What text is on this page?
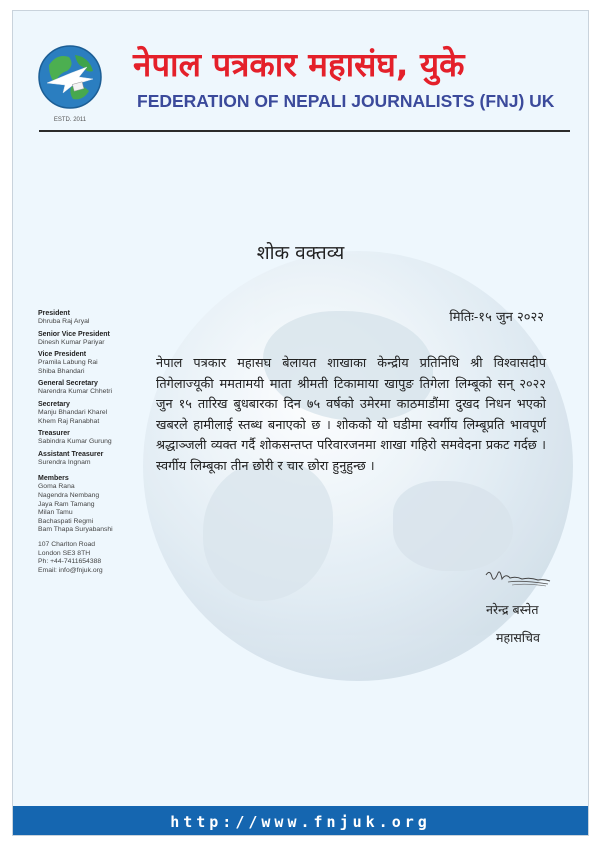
ESTD. 2011
नेपाल पत्रकार महासंघ, युके
FEDERATION OF NEPALI JOURNALISTS (FNJ) UK
शोक वक्तव्य
मितिः-१५ जुन २०२२
नेपाल पत्रकार महासघ बेलायत शाखाका केन्द्रीय प्रतिनिधि श्री विश्वासदीप तिगेलाज्यूकी ममतामयी माता श्रीमती टिकामाया खापुङ तिगेला लिम्बूको सन् २०२२ जुन १५ तारिख बुधबारका दिन ७५ वर्षको उमेरमा काठमाडौंमा दुखद निधन भएको खबरले हामीलाई स्तब्ध बनाएको छ । शोकको यो घडीमा स्वर्गीय लिम्बूप्रति भावपूर्ण श्रद्धाञ्जली व्यक्त गर्दै शोकसन्तप्त परिवारजनमा शाखा गहिरो समवेदना प्रकट गर्दछ । स्वर्गीय लिम्बूका तीन छोरी र चार छोरा हुनुहुन्छ ।
President
Dhruba Raj Aryal
Senior Vice President
Dinesh Kumar Pariyar
Vice President
Pramila Labung Rai
Shiba Bhandari
General Secretary
Narendra Kumar Chhetri
Secretary
Manju Bhandari Kharel
Khem Raj Ranabhat
Treasurer
Sabindra Kumar Gurung
Assistant Treasurer
Surendra Ingnam
Members
Goma Rana
Nagendra Nembang
Jaya Ram Tamang
Milan Tamu
Bachaspati Regmi
Bam Thapa Suryabanshi
107 Charlton Road
London SE3 8TH
Ph: +44-7411654388
Email: info@fnjuk.org
नरेन्द्र बस्नेत
महासचिव
http://www.fnjuk.org
